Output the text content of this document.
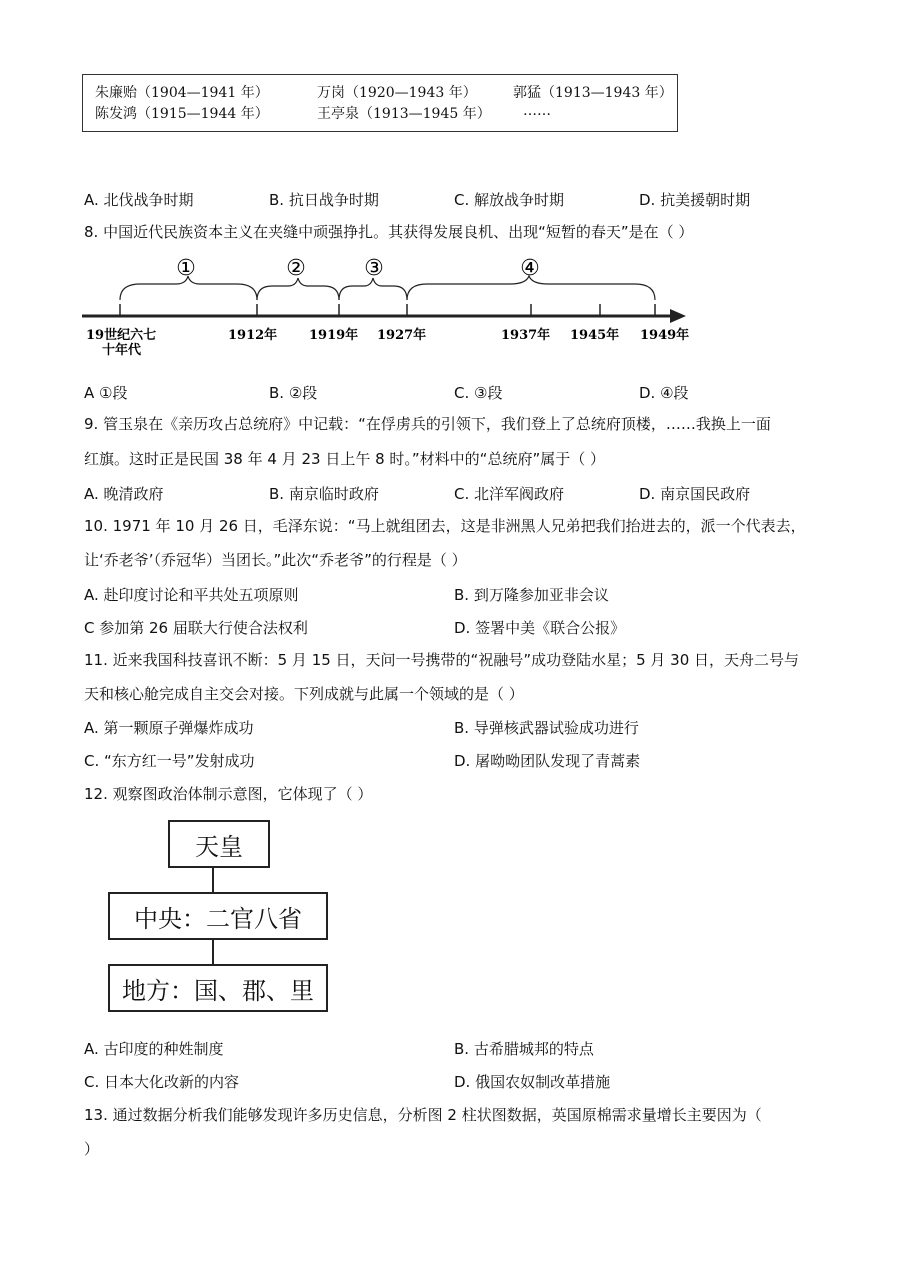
朱廉贻（1904—1941 年）	万岗（1920—1943 年）	郭猛（1913—1943 年）
陈发鸿（1915—1944 年）	王亭泉（1913—1945 年） ……
A. 北伐战争时期	B. 抗日战争时期	C. 解放战争时期	D. 抗美援朝时期
8. 中国近代民族资本主义在夹缝中顽强挣扎。其获得发展良机、出现“短暂的春天”是在（ ）
①	②	③	④
19世纪六七
十年代
1912年 1919年 1927年	1937年 1945年 1949年
A ①段	B. ②段	C. ③段	D. ④段
9. 管玉泉在《亲历攻占总统府》中记载：“在俘虏兵的引领下，我们登上了总统府顶楼，……我换上一面
红旗。这时正是民国 38 年 4 月 23 日上午 8 时。”材料中的“总统府”属于（ ）
A. 晚清政府	B. 南京临时政府	C. 北洋军阀政府	D. 南京国民政府
10. 1971 年 10 月 26 日，毛泽东说：“马上就组团去，这是非洲黑人兄弟把我们抬进去的，派一个代表去，
让‘乔老爷’（乔冠华）当团长。”此次“乔老爷”的行程是（ ）
A. 赴印度讨论和平共处五项原则	B. 到万隆参加亚非会议
C 参加第 26 届联大行使合法权利	D. 签署中美《联合公报》
11. 近来我国科技喜讯不断：5 月 15 日，天问一号携带的“祝融号”成功登陆水星；5 月 30 日，天舟二号与
天和核心舱完成自主交会对接。下列成就与此属一个领域的是（ ）
A. 第一颗原子弹爆炸成功	B. 导弹核武器试验成功进行
C. “东方红一号”发射成功	D. 屠呦呦团队发现了青蒿素
12. 观察图政治体制示意图，它体现了（ ）
天皇
中央：二官八省
地方：国、郡、里
A. 古印度的种姓制度	B. 古希腊城邦的特点
C. 日本大化改新的内容	D. 俄国农奴制改革措施
13. 通过数据分析我们能够发现许多历史信息，分析图 2 柱状图数据，英国原棉需求量增长主要因为（
）
